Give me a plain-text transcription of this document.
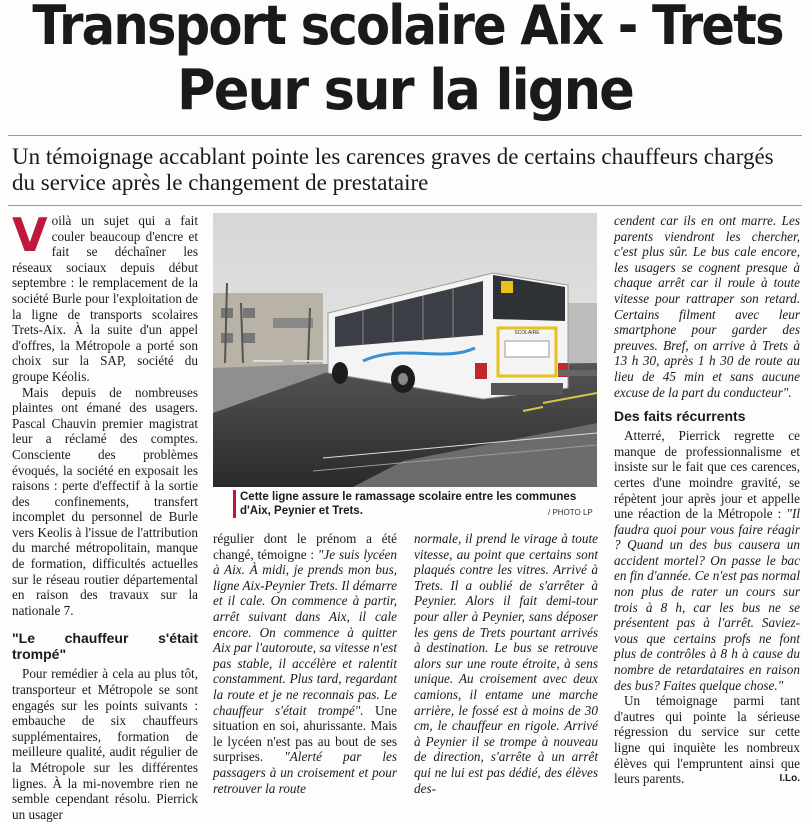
Transport scolaire Aix - Trets
Peur sur la ligne
Un témoignage accablant pointe les carences graves de certains chauffeurs chargés du service après le changement de prestataire

Voilà un sujet qui a fait couler beaucoup d'encre et fait se déchaîner les réseaux sociaux depuis début septembre : le remplacement de la société Burle pour l'exploitation de la ligne de transports scolaires Trets-Aix. À la suite d'un appel d'offres, la Métropole a porté son choix sur la SAP, société du groupe Kéolis.

Mais depuis de nombreuses plaintes ont émané des usagers. Pascal Chauvin premier magistrat leur a réclamé des comptes. Consciente des problèmes évoqués, la société en exposait les raisons : perte d'effectif à la sortie des confinements, transfert incomplet du personnel de Burle vers Keolis à l'issue de l'attribution du marché métropolitain, manque de formation, difficultés actuelles sur le réseau routier départemental en raison des travaux sur la nationale 7.

"Le chauffeur s'était trompé"

Pour remédier à cela au plus tôt, transporteur et Métropole se sont engagés sur les points suivants : embauche de six chauffeurs supplémentaires, formation de meilleure qualité, audit régulier de la Métropole sur les différentes lignes. À la mi-novembre rien ne semble cependant résolu. Pierrick un usager

SCOLAIRE
Cette ligne assure le ramassage scolaire entre les communes d'Aix, Peynier et Trets.	/ PHOTO LP

régulier dont le prénom a été changé, témoigne : "Je suis lycéen à Aix. À midi, je prends mon bus, ligne Aix-Peynier Trets. Il démarre et il cale. On commence à partir, arrêt suivant dans Aix, il cale encore. On commence à quitter Aix par l'autoroute, sa vitesse n'est pas stable, il accélère et ralentit constamment. Plus tard, regardant la route et je ne reconnais pas. Le chauffeur s'était trompé". Une situation en soi, ahurissante. Mais le lycéen n'est pas au bout de ses surprises. "Alerté par les passagers à un croisement et pour retrouver la route

normale, il prend le virage à toute vitesse, au point que certains sont plaqués contre les vitres. Arrivé à Trets. Il a oublié de s'arrêter à Peynier. Alors il fait demi-tour pour aller à Peynier, sans déposer les gens de Trets pourtant arrivés à destination. Le bus se retrouve alors sur une route étroite, à sens unique. Au croisement avec deux camions, il entame une marche arrière, le fossé est à moins de 30 cm, le chauffeur en rigole. Arrivé à Peynier il se trompe à nouveau de direction, s'arrête à un arrêt qui ne lui est pas dédié, des élèves des-

cendent car ils en ont marre. Les parents viendront les chercher, c'est plus sûr. Le bus cale encore, les usagers se cognent presque à chaque arrêt car il roule à toute vitesse pour rattraper son retard. Certains filment avec leur smartphone pour garder des preuves. Bref, on arrive à Trets à 13 h 30, après 1 h 30 de route au lieu de 45 min et sans aucune excuse de la part du conducteur".

Des faits récurrents

Atterré, Pierrick regrette ce manque de professionnalisme et insiste sur le fait que ces carences, certes d'une moindre gravité, se répètent jour après jour et appelle une réaction de la Métropole : "Il faudra quoi pour vous faire réagir ? Quand un des bus causera un accident mortel? On passe le bac en fin d'année. Ce n'est pas normal non plus de rater un cours sur trois à 8 h, car les bus ne se présentent pas à l'arrêt. Saviez-vous que certains profs ne font plus de contrôles à 8 h à cause du nombre de retardataires en raison des bus? Faites quelque chose."

Un témoignage parmi tant d'autres qui pointe la sérieuse régression du service sur cette ligne qui inquiète les nombreux élèves qui l'empruntent ainsi que leurs parents.	I.Lo.
